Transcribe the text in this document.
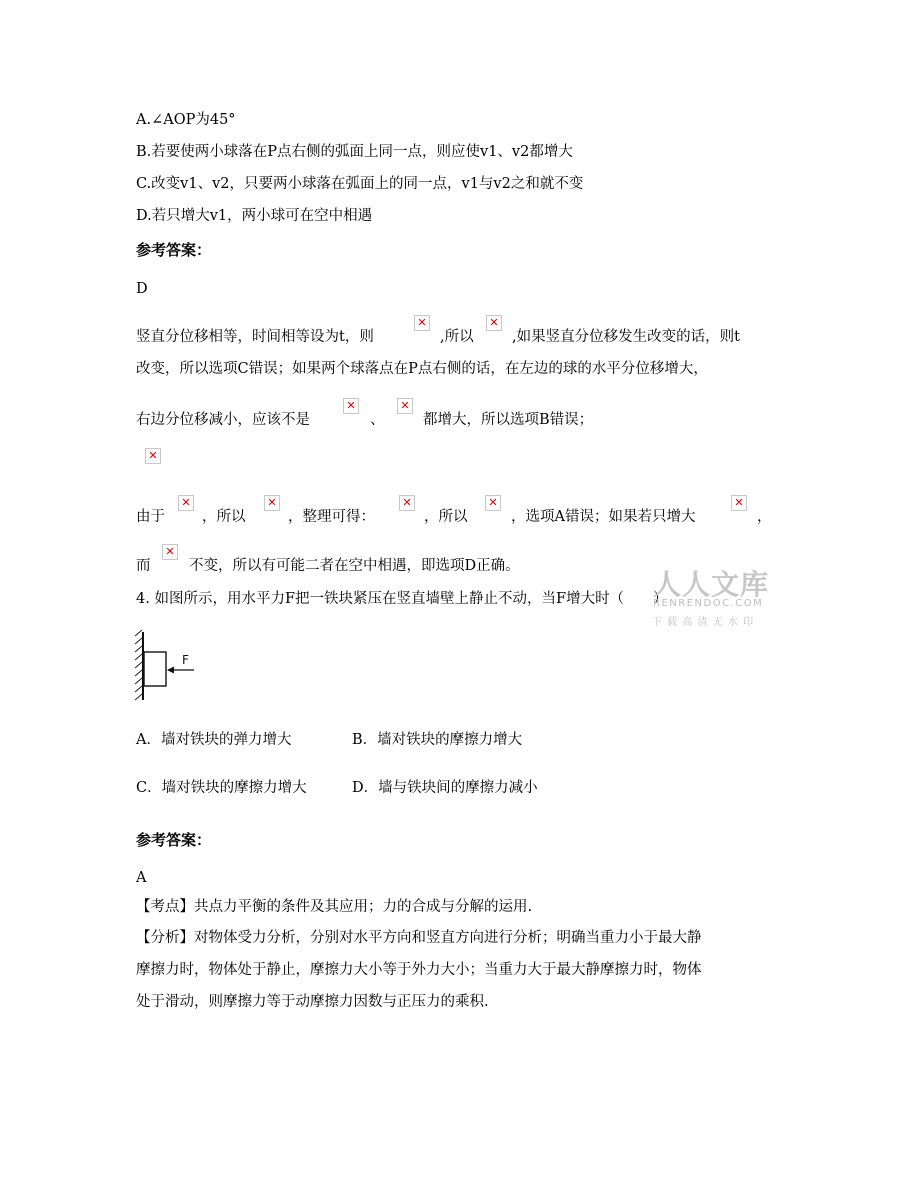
A.∠AOP为45°
B.若要使两小球落在P点右侧的弧面上同一点，则应使v1、v2都增大
C.改变v1、v2，只要两小球落在弧面上的同一点，v1与v2之和就不变
D.若只增大v1，两小球可在空中相遇
参考答案：
D
竖直分位移相等，时间相等设为t，则
✕
,所以
✕
,如果竖直分位移发生改变的话，则t
改变，所以选项C错误；如果两个球落点在P点右侧的话，在左边的球的水平分位移增大，
右边分位移减小，应该不是
✕
、
✕
都增大，所以选项B错误；
✕
由于
✕
，所以
✕
，整理可得：
✕
，所以
✕
，选项A错误；如果若只增大
✕
，
而
✕
不变，所以有可能二者在空中相遇，即选项D正确。
4. 如图所示，用水平力F把一铁块紧压在竖直墙壁上静止不动，当F增大时（　　）
F
A．墙对铁块的弹力增大	B．墙对铁块的摩擦力增大
C．墙对铁块的摩擦力增大	D．墙与铁块间的摩擦力减小
参考答案：
A
【考点】共点力平衡的条件及其应用；力的合成与分解的运用.
【分析】对物体受力分析，分别对水平方向和竖直方向进行分析；明确当重力小于最大静
摩擦力时，物体处于静止，摩擦力大小等于外力大小；当重力大于最大静摩擦力时，物体
处于滑动，则摩擦力等于动摩擦力因数与正压力的乘积.
人人文库
RENRENDOC.COM
下 载 高 清 无 水 印
